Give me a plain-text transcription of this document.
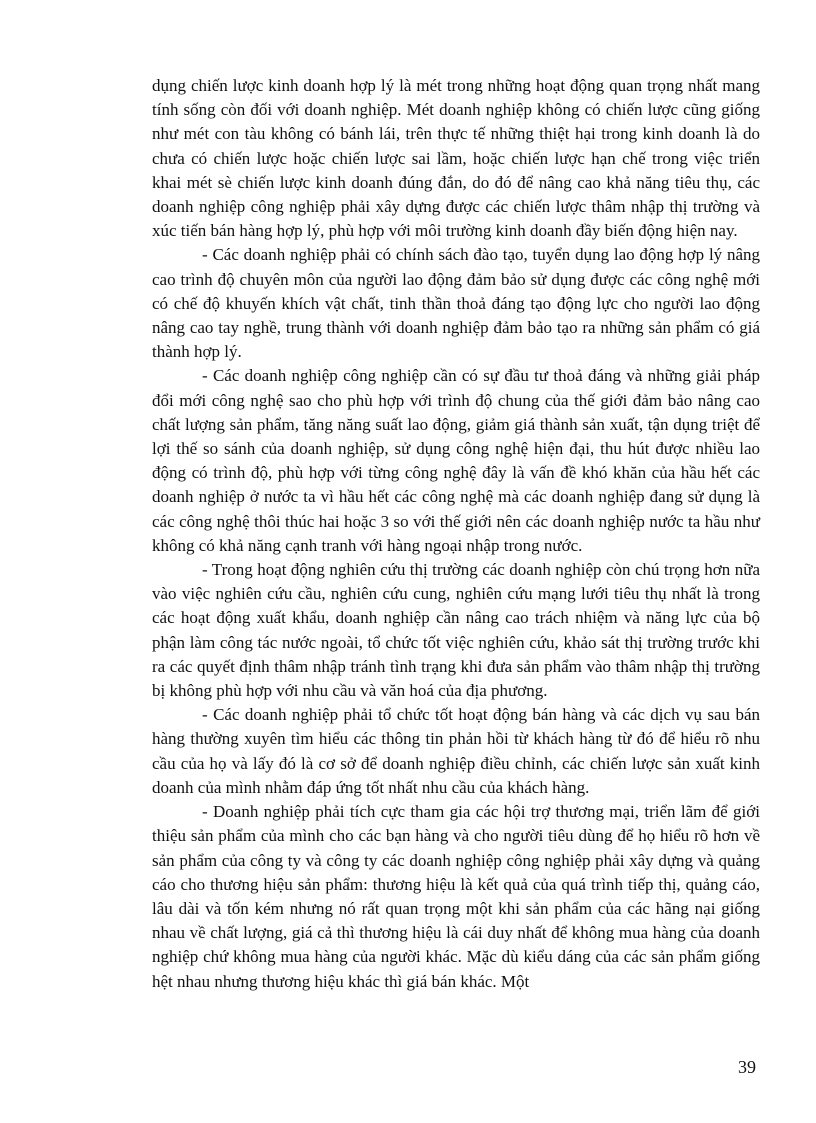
dụng chiến lược kinh doanh hợp lý là mét trong những hoạt động quan trọng nhất mang tính sống còn đối với doanh nghiệp. Mét doanh nghiệp không có chiến lược cũng giống như mét con tàu không có bánh lái, trên thực tế những thiệt hại trong kinh doanh là do chưa có chiến lược hoặc chiến lược sai lầm, hoặc chiến lược hạn chế trong việc triển khai mét sè chiến lược kinh doanh đúng đắn, do đó để nâng cao khả năng tiêu thụ, các doanh nghiệp công nghiệp phải xây dựng được các chiến lược thâm nhập thị trường và xúc tiến bán hàng hợp lý, phù hợp với môi trường kinh doanh đầy biến động hiện nay.

- Các doanh nghiệp phải có chính sách đào tạo, tuyển dụng lao động hợp lý nâng cao trình độ chuyên môn của người lao động đảm bảo sử dụng được các công nghệ mới có chế độ khuyến khích vật chất, tinh thần thoả đáng tạo động lực cho người lao động nâng cao tay nghề, trung thành với doanh nghiệp đảm bảo tạo ra những sản phẩm có giá thành hợp lý.

- Các doanh nghiệp công nghiệp cần có sự đầu tư thoả đáng và những giải pháp đổi mới công nghệ sao cho phù hợp với trình độ chung của thế giới đảm bảo nâng cao chất lượng sản phẩm, tăng năng suất lao động, giảm giá thành sản xuất, tận dụng triệt để lợi thế so sánh của doanh nghiệp, sử dụng công nghệ hiện đại, thu hút được nhiều lao động có trình độ, phù hợp với từng công nghệ đây là vấn đề khó khăn của hầu hết các doanh nghiệp ở nước ta vì hầu hết các công nghệ mà các doanh nghiệp đang sử dụng là các công nghệ thôi thúc hai hoặc 3 so với thế giới nên các doanh nghiệp nước ta hầu như không có khả năng cạnh tranh với hàng ngoại nhập trong nước.

- Trong hoạt động nghiên cứu thị trường các doanh nghiệp còn chú trọng hơn nữa vào việc nghiên cứu cầu, nghiên cứu cung, nghiên cứu mạng lưới tiêu thụ nhất là trong các hoạt động xuất khẩu, doanh nghiệp cần nâng cao trách nhiệm và năng lực của bộ phận làm công tác nước ngoài, tổ chức tốt việc nghiên cứu, khảo sát thị trường trước khi ra các quyết định thâm nhập tránh tình trạng khi đưa sản phẩm vào thâm nhập thị trường bị không phù hợp với nhu cầu và văn hoá của địa phương.

- Các doanh nghiệp phải tổ chức tốt hoạt động bán hàng và các dịch vụ sau bán hàng thường xuyên tìm hiểu các thông tin phản hồi từ khách hàng từ đó để hiểu rõ nhu cầu của họ và lấy đó là cơ sở để doanh nghiệp điều chỉnh, các chiến lược sản xuất kinh doanh của mình nhằm đáp ứng tốt nhất nhu cầu của khách hàng.

- Doanh nghiệp phải tích cực tham gia các hội trợ thương mại, triển lãm để giới thiệu sản phẩm của mình cho các bạn hàng và cho người tiêu dùng để họ hiểu rõ hơn về sản phẩm của công ty và công ty các doanh nghiệp công nghiệp phải xây dựng và quảng cáo cho thương hiệu sản phẩm: thương hiệu là kết quả của quá trình tiếp thị, quảng cáo, lâu dài và tốn kém nhưng nó rất quan trọng một khi sản phẩm của các hãng nại giống nhau về chất lượng, giá cả thì thương hiệu là cái duy nhất để không mua hàng của doanh nghiệp chứ không mua hàng của người khác. Mặc dù kiểu dáng của các sản phẩm giống hệt nhau nhưng thương hiệu khác thì giá bán khác. Một

39
